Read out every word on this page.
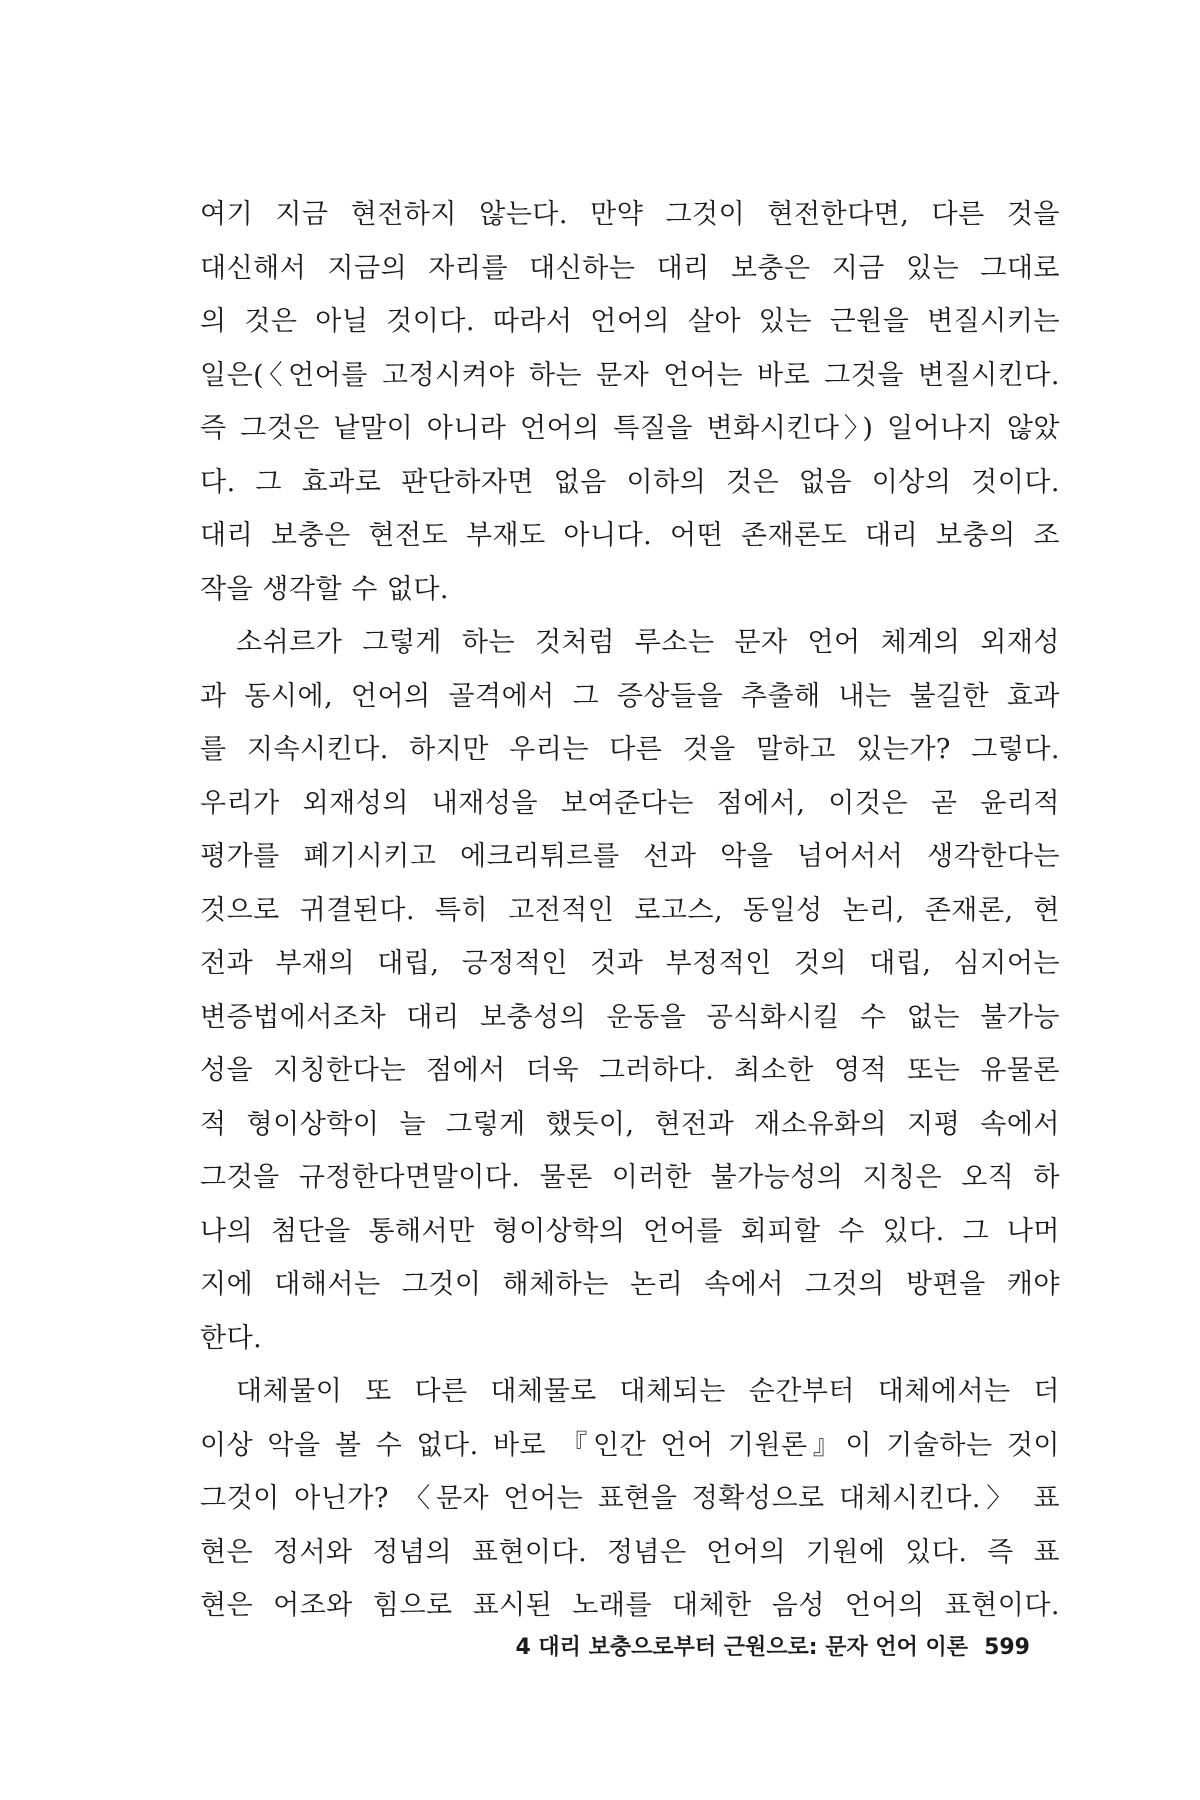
여기 지금 현전하지 않는다. 만약 그것이 현전한다면, 다른 것을
대신해서 지금의 자리를 대신하는 대리 보충은 지금 있는 그대로
의 것은 아닐 것이다. 따라서 언어의 살아 있는 근원을 변질시키는
일은(〈언어를 고정시켜야 하는 문자 언어는 바로 그것을 변질시킨다.
즉 그것은 낱말이 아니라 언어의 특질을 변화시킨다〉) 일어나지 않았
다. 그 효과로 판단하자면 없음 이하의 것은 없음 이상의 것이다.
대리 보충은 현전도 부재도 아니다. 어떤 존재론도 대리 보충의 조
작을 생각할 수 없다.
소쉬르가 그렇게 하는 것처럼 루소는 문자 언어 체계의 외재성
과 동시에, 언어의 골격에서 그 증상들을 추출해 내는 불길한 효과
를 지속시킨다. 하지만 우리는 다른 것을 말하고 있는가? 그렇다.
우리가 외재성의 내재성을 보여준다는 점에서, 이것은 곧 윤리적
평가를 폐기시키고 에크리튀르를 선과 악을 넘어서서 생각한다는
것으로 귀결된다. 특히 고전적인 로고스, 동일성 논리, 존재론, 현
전과 부재의 대립, 긍정적인 것과 부정적인 것의 대립, 심지어는
변증법에서조차 대리 보충성의 운동을 공식화시킬 수 없는 불가능
성을 지칭한다는 점에서 더욱 그러하다. 최소한 영적 또는 유물론
적 형이상학이 늘 그렇게 했듯이, 현전과 재소유화의 지평 속에서
그것을 규정한다면말이다. 물론 이러한 불가능성의 지칭은 오직 하
나의 첨단을 통해서만 형이상학의 언어를 회피할 수 있다. 그 나머
지에 대해서는 그것이 해체하는 논리 속에서 그것의 방편을 캐야
한다.
대체물이 또 다른 대체물로 대체되는 순간부터 대체에서는 더
이상 악을 볼 수 없다. 바로 『인간 언어 기원론』이 기술하는 것이
그것이 아닌가? 〈문자 언어는 표현을 정확성으로 대체시킨다.〉 표
현은 정서와 정념의 표현이다. 정념은 언어의 기원에 있다. 즉 표
현은 어조와 힘으로 표시된 노래를 대체한 음성 언어의 표현이다.
4 대리 보충으로부터 근원으로: 문자 언어 이론 599
